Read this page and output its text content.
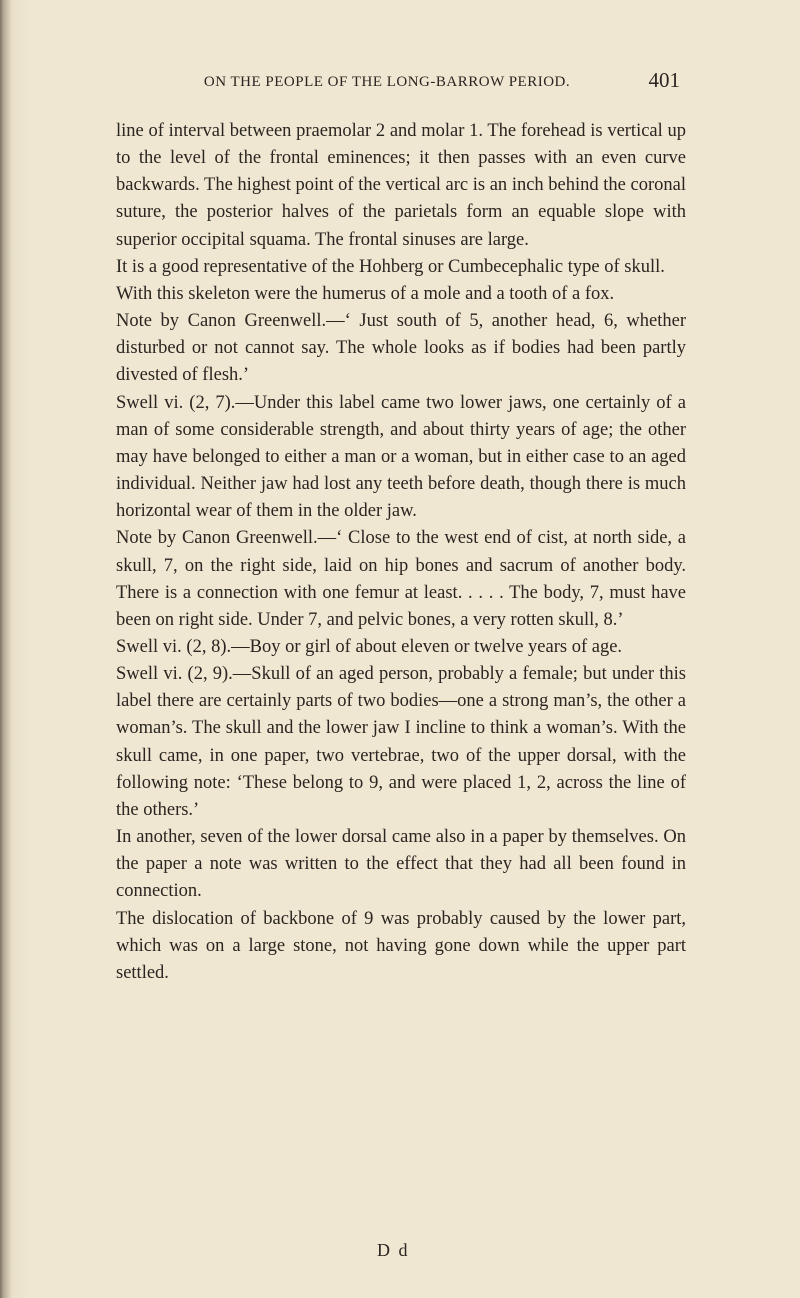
ON THE PEOPLE OF THE LONG-BARROW PERIOD.	401

line of interval between praemolar 2 and molar 1. The forehead is vertical up to the level of the frontal eminences; it then passes with an even curve backwards. The highest point of the vertical arc is an inch behind the coronal suture, the posterior halves of the parietals form an equable slope with superior occipital squama. The frontal sinuses are large.

It is a good representative of the Hohberg or Cumbecephalic type of skull.

With this skeleton were the humerus of a mole and a tooth of a fox.

Note by Canon Greenwell.—‘ Just south of 5, another head, 6, whether disturbed or not cannot say. The whole looks as if bodies had been partly divested of flesh.’

Swell vi. (2, 7).—Under this label came two lower jaws, one certainly of a man of some considerable strength, and about thirty years of age; the other may have belonged to either a man or a woman, but in either case to an aged individual. Neither jaw had lost any teeth before death, though there is much horizontal wear of them in the older jaw.

Note by Canon Greenwell.—‘ Close to the west end of cist, at north side, a skull, 7, on the right side, laid on hip bones and sacrum of another body. There is a connection with one femur at least. . . . . The body, 7, must have been on right side. Under 7, and pelvic bones, a very rotten skull, 8.’

Swell vi. (2, 8).—Boy or girl of about eleven or twelve years of age.

Swell vi. (2, 9).—Skull of an aged person, probably a female; but under this label there are certainly parts of two bodies—one a strong man’s, the other a woman’s. The skull and the lower jaw I incline to think a woman’s. With the skull came, in one paper, two vertebrae, two of the upper dorsal, with the following note: ‘These belong to 9, and were placed 1, 2, across the line of the others.’

In another, seven of the lower dorsal came also in a paper by themselves. On the paper a note was written to the effect that they had all been found in connection.

The dislocation of backbone of 9 was probably caused by the lower part, which was on a large stone, not having gone down while the upper part settled.

D d
